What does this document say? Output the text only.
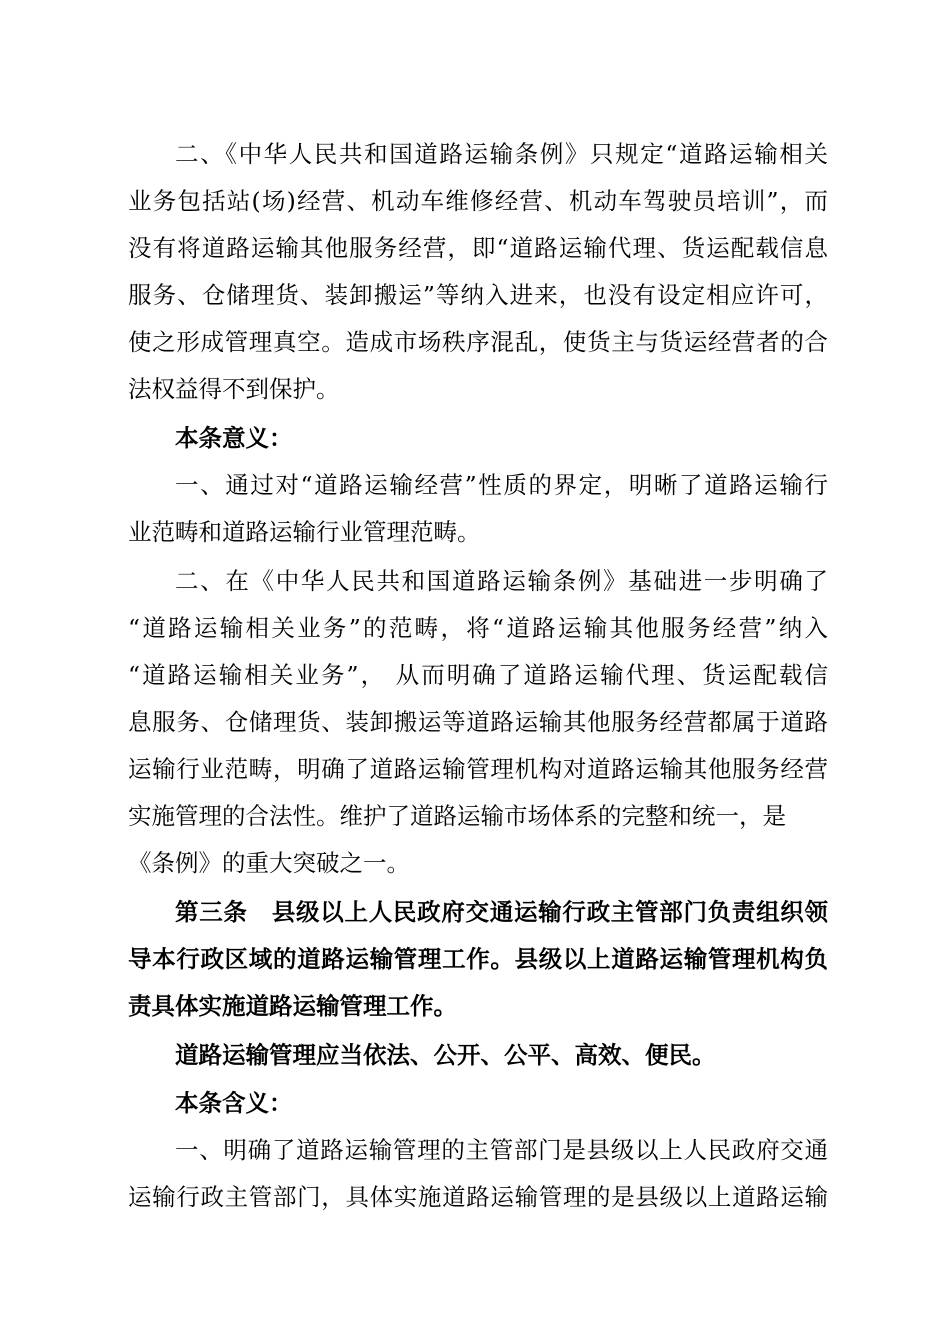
二、《中华人民共和国道路运输条例》只规定“道路运输相关
业务包括站(场)经营、机动车维修经营、机动车驾驶员培训”，而
没有将道路运输其他服务经营，即“道路运输代理、货运配载信息
服务、仓储理货、装卸搬运”等纳入进来，也没有设定相应许可，
使之形成管理真空。造成市场秩序混乱，使货主与货运经营者的合
法权益得不到保护。
本条意义：
一、通过对“道路运输经营”性质的界定，明晰了道路运输行
业范畴和道路运输行业管理范畴。
二、在《中华人民共和国道路运输条例》基础进一步明确了
“道路运输相关业务”的范畴，将“道路运输其他服务经营”纳入
“道路运输相关业务”， 从而明确了道路运输代理、货运配载信
息服务、仓储理货、装卸搬运等道路运输其他服务经营都属于道路
运输行业范畴，明确了道路运输管理机构对道路运输其他服务经营
实施管理的合法性。维护了道路运输市场体系的完整和统一，是
《条例》的重大突破之一。
第三条　县级以上人民政府交通运输行政主管部门负责组织领
导本行政区域的道路运输管理工作。县级以上道路运输管理机构负
责具体实施道路运输管理工作。
道路运输管理应当依法、公开、公平、高效、便民。
本条含义：
一、明确了道路运输管理的主管部门是县级以上人民政府交通
运输行政主管部门，具体实施道路运输管理的是县级以上道路运输
